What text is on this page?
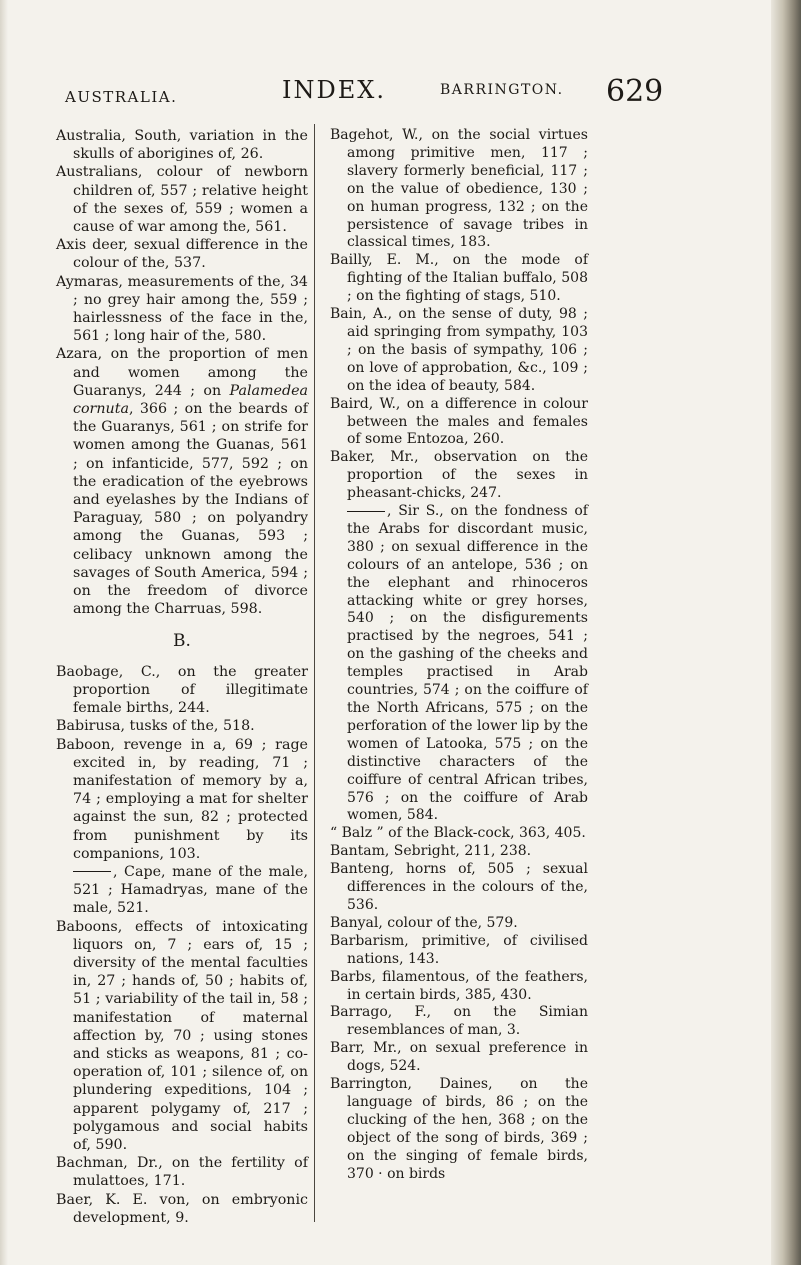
AUSTRALIA.	INDEX.	BARRINGTON. 629
Australia, South, variation in the skulls of aborigines of, 26.
Australians, colour of newborn children of, 557 ; relative height of the sexes of, 559 ; women a cause of war among the, 561.
Axis deer, sexual difference in the colour of the, 537.
Aymaras, measurements of the, 34 ; no grey hair among the, 559 ; hairlessness of the face in the, 561 ; long hair of the, 580.
Azara, on the proportion of men and women among the Guaranys, 244 ; on Palamedea cornuta, 366 ; on the beards of the Guaranys, 561 ; on strife for women among the Guanas, 561 ; on infanticide, 577, 592 ; on the eradication of the eyebrows and eyelashes by the Indians of Paraguay, 580 ; on polyandry among the Guanas, 593 ; celibacy unknown among the savages of South America, 594 ; on the freedom of divorce among the Charruas, 598.
B.
Baobage, C., on the greater proportion of illegitimate female births, 244.
Babirusa, tusks of the, 518.
Baboon, revenge in a, 69 ; rage excited in, by reading, 71 ; manifestation of memory by a, 74 ; employing a mat for shelter against the sun, 82 ; protected from punishment by its companions, 103.
, Cape, mane of the male, 521 ; Hamadryas, mane of the male, 521.
Baboons, effects of intoxicating liquors on, 7 ; ears of, 15 ; diversity of the mental faculties in, 27 ; hands of, 50 ; habits of, 51 ; variability of the tail in, 58 ; manifestation of maternal affection by, 70 ; using stones and sticks as weapons, 81 ; co-operation of, 101 ; silence of, on plundering expeditions, 104 ; apparent polygamy of, 217 ; polygamous and social habits of, 590.
Bachman, Dr., on the fertility of mulattoes, 171.
Baer, K. E. von, on embryonic development, 9.
Bagehot, W., on the social virtues among primitive men, 117 ; slavery formerly beneficial, 117 ; on the value of obedience, 130 ; on human progress, 132 ; on the persistence of savage tribes in classical times, 183.
Bailly, E. M., on the mode of fighting of the Italian buffalo, 508 ; on the fighting of stags, 510.
Bain, A., on the sense of duty, 98 ; aid springing from sympathy, 103 ; on the basis of sympathy, 106 ; on love of approbation, &c., 109 ; on the idea of beauty, 584.
Baird, W., on a difference in colour between the males and females of some Entozoa, 260.
Baker, Mr., observation on the proportion of the sexes in pheasant-chicks, 247.
, Sir S., on the fondness of the Arabs for discordant music, 380 ; on sexual difference in the colours of an antelope, 536 ; on the elephant and rhinoceros attacking white or grey horses, 540 ; on the disfigurements practised by the negroes, 541 ; on the gashing of the cheeks and temples practised in Arab countries, 574 ; on the coiffure of the North Africans, 575 ; on the perforation of the lower lip by the women of Latooka, 575 ; on the distinctive characters of the coiffure of central African tribes, 576 ; on the coiffure of Arab women, 584.
“ Balz ” of the Black-cock, 363, 405.
Bantam, Sebright, 211, 238.
Banteng, horns of, 505 ; sexual differences in the colours of the, 536.
Banyal, colour of the, 579.
Barbarism, primitive, of civilised nations, 143.
Barbs, filamentous, of the feathers, in certain birds, 385, 430.
Barrago, F., on the Simian resemblances of man, 3.
Barr, Mr., on sexual preference in dogs, 524.
Barrington, Daines, on the language of birds, 86 ; on the clucking of the hen, 368 ; on the object of the song of birds, 369 ; on the singing of female birds, 370 · on birds
